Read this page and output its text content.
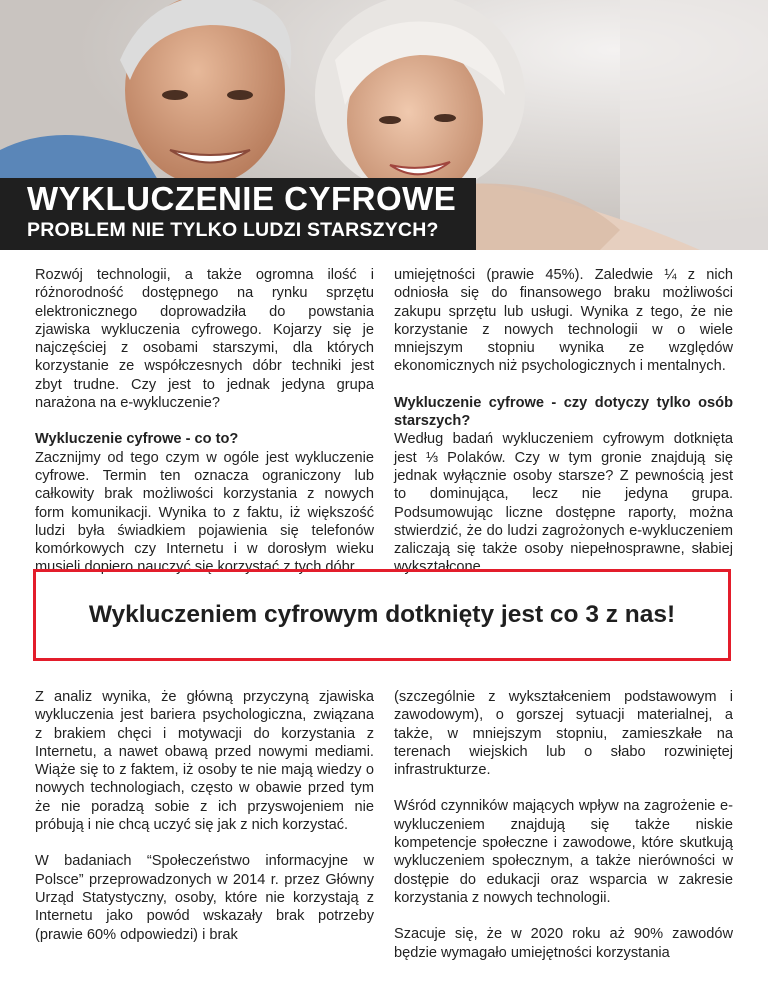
WYKLUCZENIE CYFROWE
PROBLEM NIE TYLKO LUDZI STARSZYCH?

Rozwój technologii, a także ogromna ilość i różnorodność dostępnego na rynku sprzętu elektronicznego doprowadziła do powstania zjawiska wykluczenia cyfrowego. Kojarzy się je najczęściej z osobami starszymi, dla których korzystanie ze współczesnych dóbr techniki jest zbyt trudne. Czy jest to jednak jedyna grupa narażona na e-wykluczenie?

Wykluczenie cyfrowe - co to?

Zacznijmy od tego czym w ogóle jest wykluczenie cyfrowe. Termin ten oznacza ograniczony lub całkowity brak możliwości korzystania z nowych form komunikacji. Wynika to z faktu, iż większość ludzi była świadkiem pojawienia się telefonów komórkowych czy Internetu i w dorosłym wieku musieli dopiero nauczyć się korzystać z tych dóbr.

umiejętności (prawie 45%). Zaledwie ¼ z nich odniosła się do finansowego braku możliwości zakupu sprzętu lub usługi. Wynika z tego, że nie korzystanie z nowych technologii w o wiele mniejszym stopniu wynika ze względów ekonomicznych niż psychologicznych i mentalnych.

Wykluczenie cyfrowe - czy dotyczy tylko osób starszych?

Według badań wykluczeniem cyfrowym dotknięta jest ⅓ Polaków. Czy w tym gronie znajdują się jednak wyłącznie osoby starsze? Z pewnością jest to dominująca, lecz nie jedyna grupa. Podsumowując liczne dostępne raporty, można stwierdzić, że do ludzi zagrożonych e-wykluczeniem zaliczają się także osoby niepełnosprawne, słabiej wykształcone

Wykluczeniem cyfrowym dotknięty jest co 3 z nas!

Z analiz wynika, że główną przyczyną zjawiska wykluczenia jest bariera psychologiczna, związana z brakiem chęci i motywacji do korzystania z Internetu, a nawet obawą przed nowymi mediami. Wiąże się to z faktem, iż osoby te nie mają wiedzy o nowych technologiach, często w obawie przed tym że nie poradzą sobie z ich przyswojeniem nie próbują i nie chcą uczyć się jak z nich korzystać.

W badaniach “Społeczeństwo informacyjne w Polsce” przeprowadzonych w 2014 r. przez Główny Urząd Statystyczny, osoby, które nie korzystają z Internetu jako powód wskazały brak potrzeby (prawie 60% odpowiedzi) i brak

(szczególnie z wykształceniem podstawowym i zawodowym), o gorszej sytuacji materialnej, a także, w mniejszym stopniu, zamieszkałe na terenach wiejskich lub o słabo rozwiniętej infrastrukturze.

Wśród czynników mających wpływ na zagrożenie e-wykluczeniem znajdują się także niskie kompetencje społeczne i zawodowe, które skutkują wykluczeniem społecznym, a także nierówności w dostępie do edukacji oraz wsparcia w zakresie korzystania z nowych technologii.

Szacuje się, że w 2020 roku aż 90% zawodów będzie wymagało umiejętności korzystania
